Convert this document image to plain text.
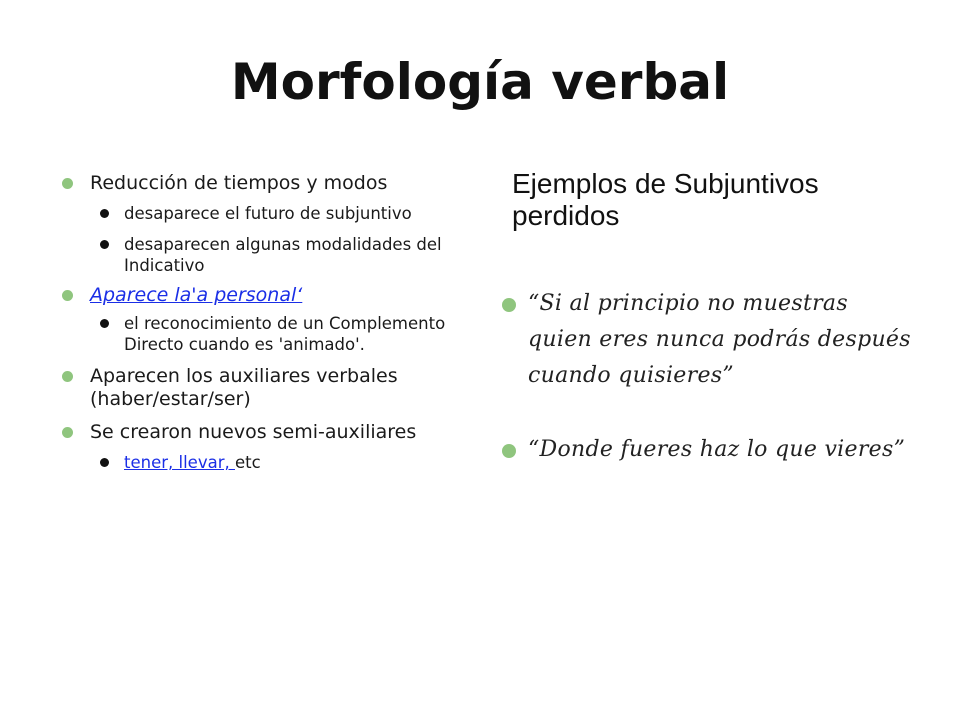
Morfología verbal
Reducción de tiempos y modos
desaparece el futuro de subjuntivo
desaparecen algunas modalidades del Indicativo
Aparece la'a personal‘
el reconocimiento de un Complemento Directo cuando es 'animado'.
Aparecen los auxiliares verbales (haber/estar/ser)
Se crearon nuevos semi-auxiliares
tener, llevar, etc
Ejemplos de Subjuntivos perdidos
“Si al principio no muestras quien eres nunca podrás después cuando quisieres”
“Donde fueres haz lo que vieres”
